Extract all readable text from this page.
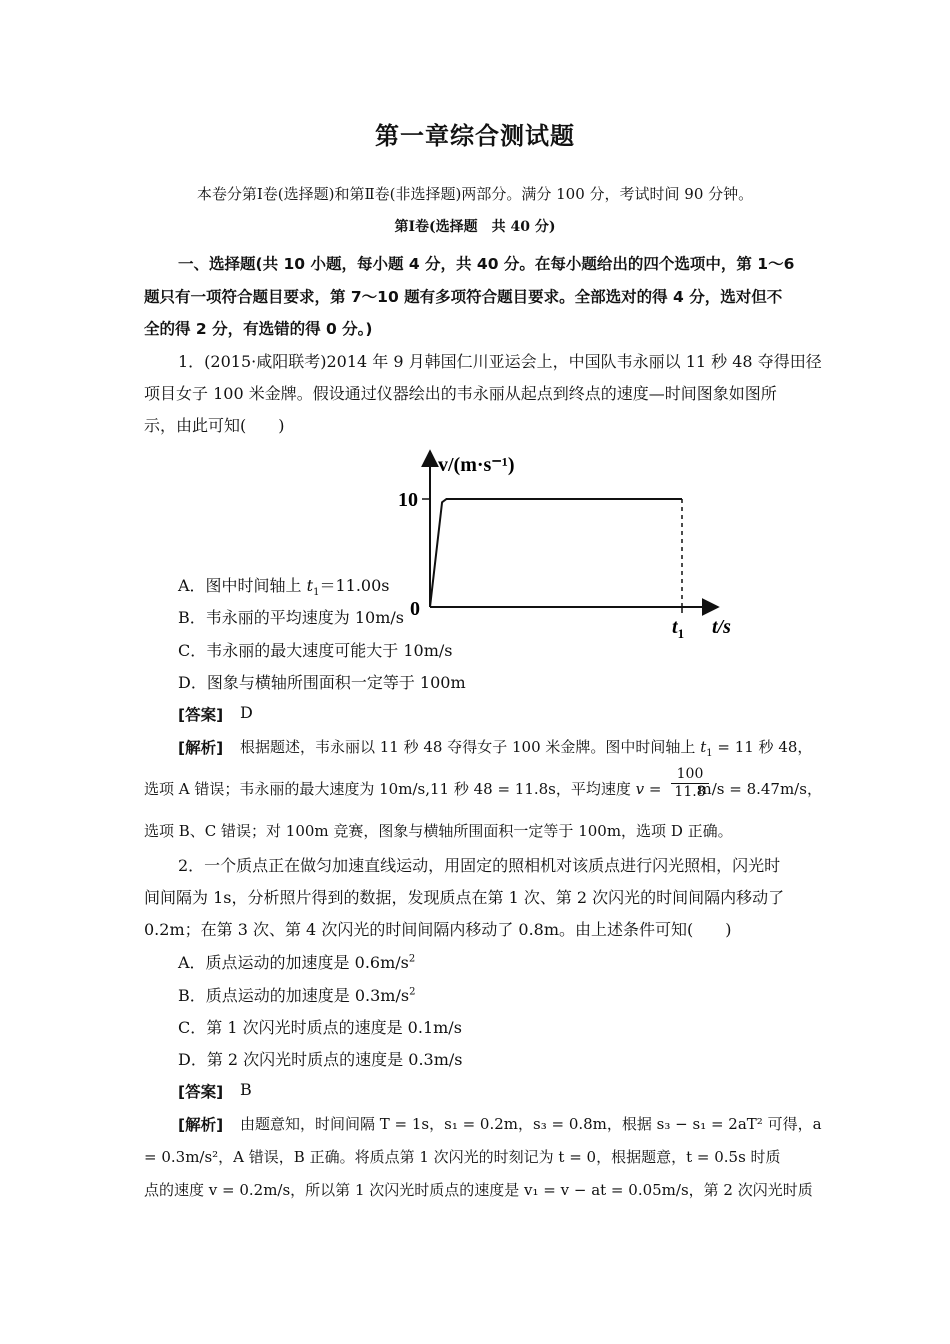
第一章综合测试题
本卷分第Ⅰ卷(选择题)和第Ⅱ卷(非选择题)两部分。满分 100 分，考试时间 90 分钟。
第Ⅰ卷(选择题　共 40 分)
一、选择题(共 10 小题，每小题 4 分，共 40 分。在每小题给出的四个选项中，第 1～6
题只有一项符合题目要求，第 7～10 题有多项符合题目要求。全部选对的得 4 分，选对但不
全的得 2 分，有选错的得 0 分。)
1．(2015·咸阳联考)2014 年 9 月韩国仁川亚运会上，中国队韦永丽以 11 秒 48 夺得田径
项目女子 100 米金牌。假设通过仪器绘出的韦永丽从起点到终点的速度—时间图象如图所
示，由此可知(　　)
v/(m·s⁻¹)
10
0
$t_1$ t/s
A．图中时间轴上 $t_1=11.00s$
B．韦永丽的平均速度为 10m/s
C．韦永丽的最大速度可能大于 10m/s
D．图象与横轴所围面积一定等于 100m
[答案] D
[解析] 根据题述，韦永丽以 11 秒 48 夺得女子 100 米金牌。图中时间轴上 $t_1 = 11$ 秒 48，
选项 A 错误；韦永丽的最大速度为 10m/s,11 秒 48 = 11.8s，平均速度 v = m/s = 8.47m/s，
$\frac{100}{11.8}$
选项 B、C 错误；对 100m 竞赛，图象与横轴所围面积一定等于 100m，选项 D 正确。
2．一个质点正在做匀加速直线运动，用固定的照相机对该质点进行闪光照相，闪光时
间间隔为 1s，分析照片得到的数据，发现质点在第 1 次、第 2 次闪光的时间间隔内移动了
0.2m；在第 3 次、第 4 次闪光的时间间隔内移动了 0.8m。由上述条件可知(　　)
A．质点运动的加速度是 $0.6m/s^2$
B．质点运动的加速度是 $0.3m/s^2$
C．第 1 次闪光时质点的速度是 0.1m/s
D．第 2 次闪光时质点的速度是 0.3m/s
[答案] B
[解析] 由题意知，时间间隔 T = 1s，s₁ = 0.2m，s₃ = 0.8m，根据 s₃ − s₁ = 2aT² 可得，a
= 0.3m/s²，A 错误，B 正确。将质点第 1 次闪光的时刻记为 t = 0，根据题意，t = 0.5s 时质
点的速度 v = 0.2m/s，所以第 1 次闪光时质点的速度是 v₁ = v − at = 0.05m/s，第 2 次闪光时质
